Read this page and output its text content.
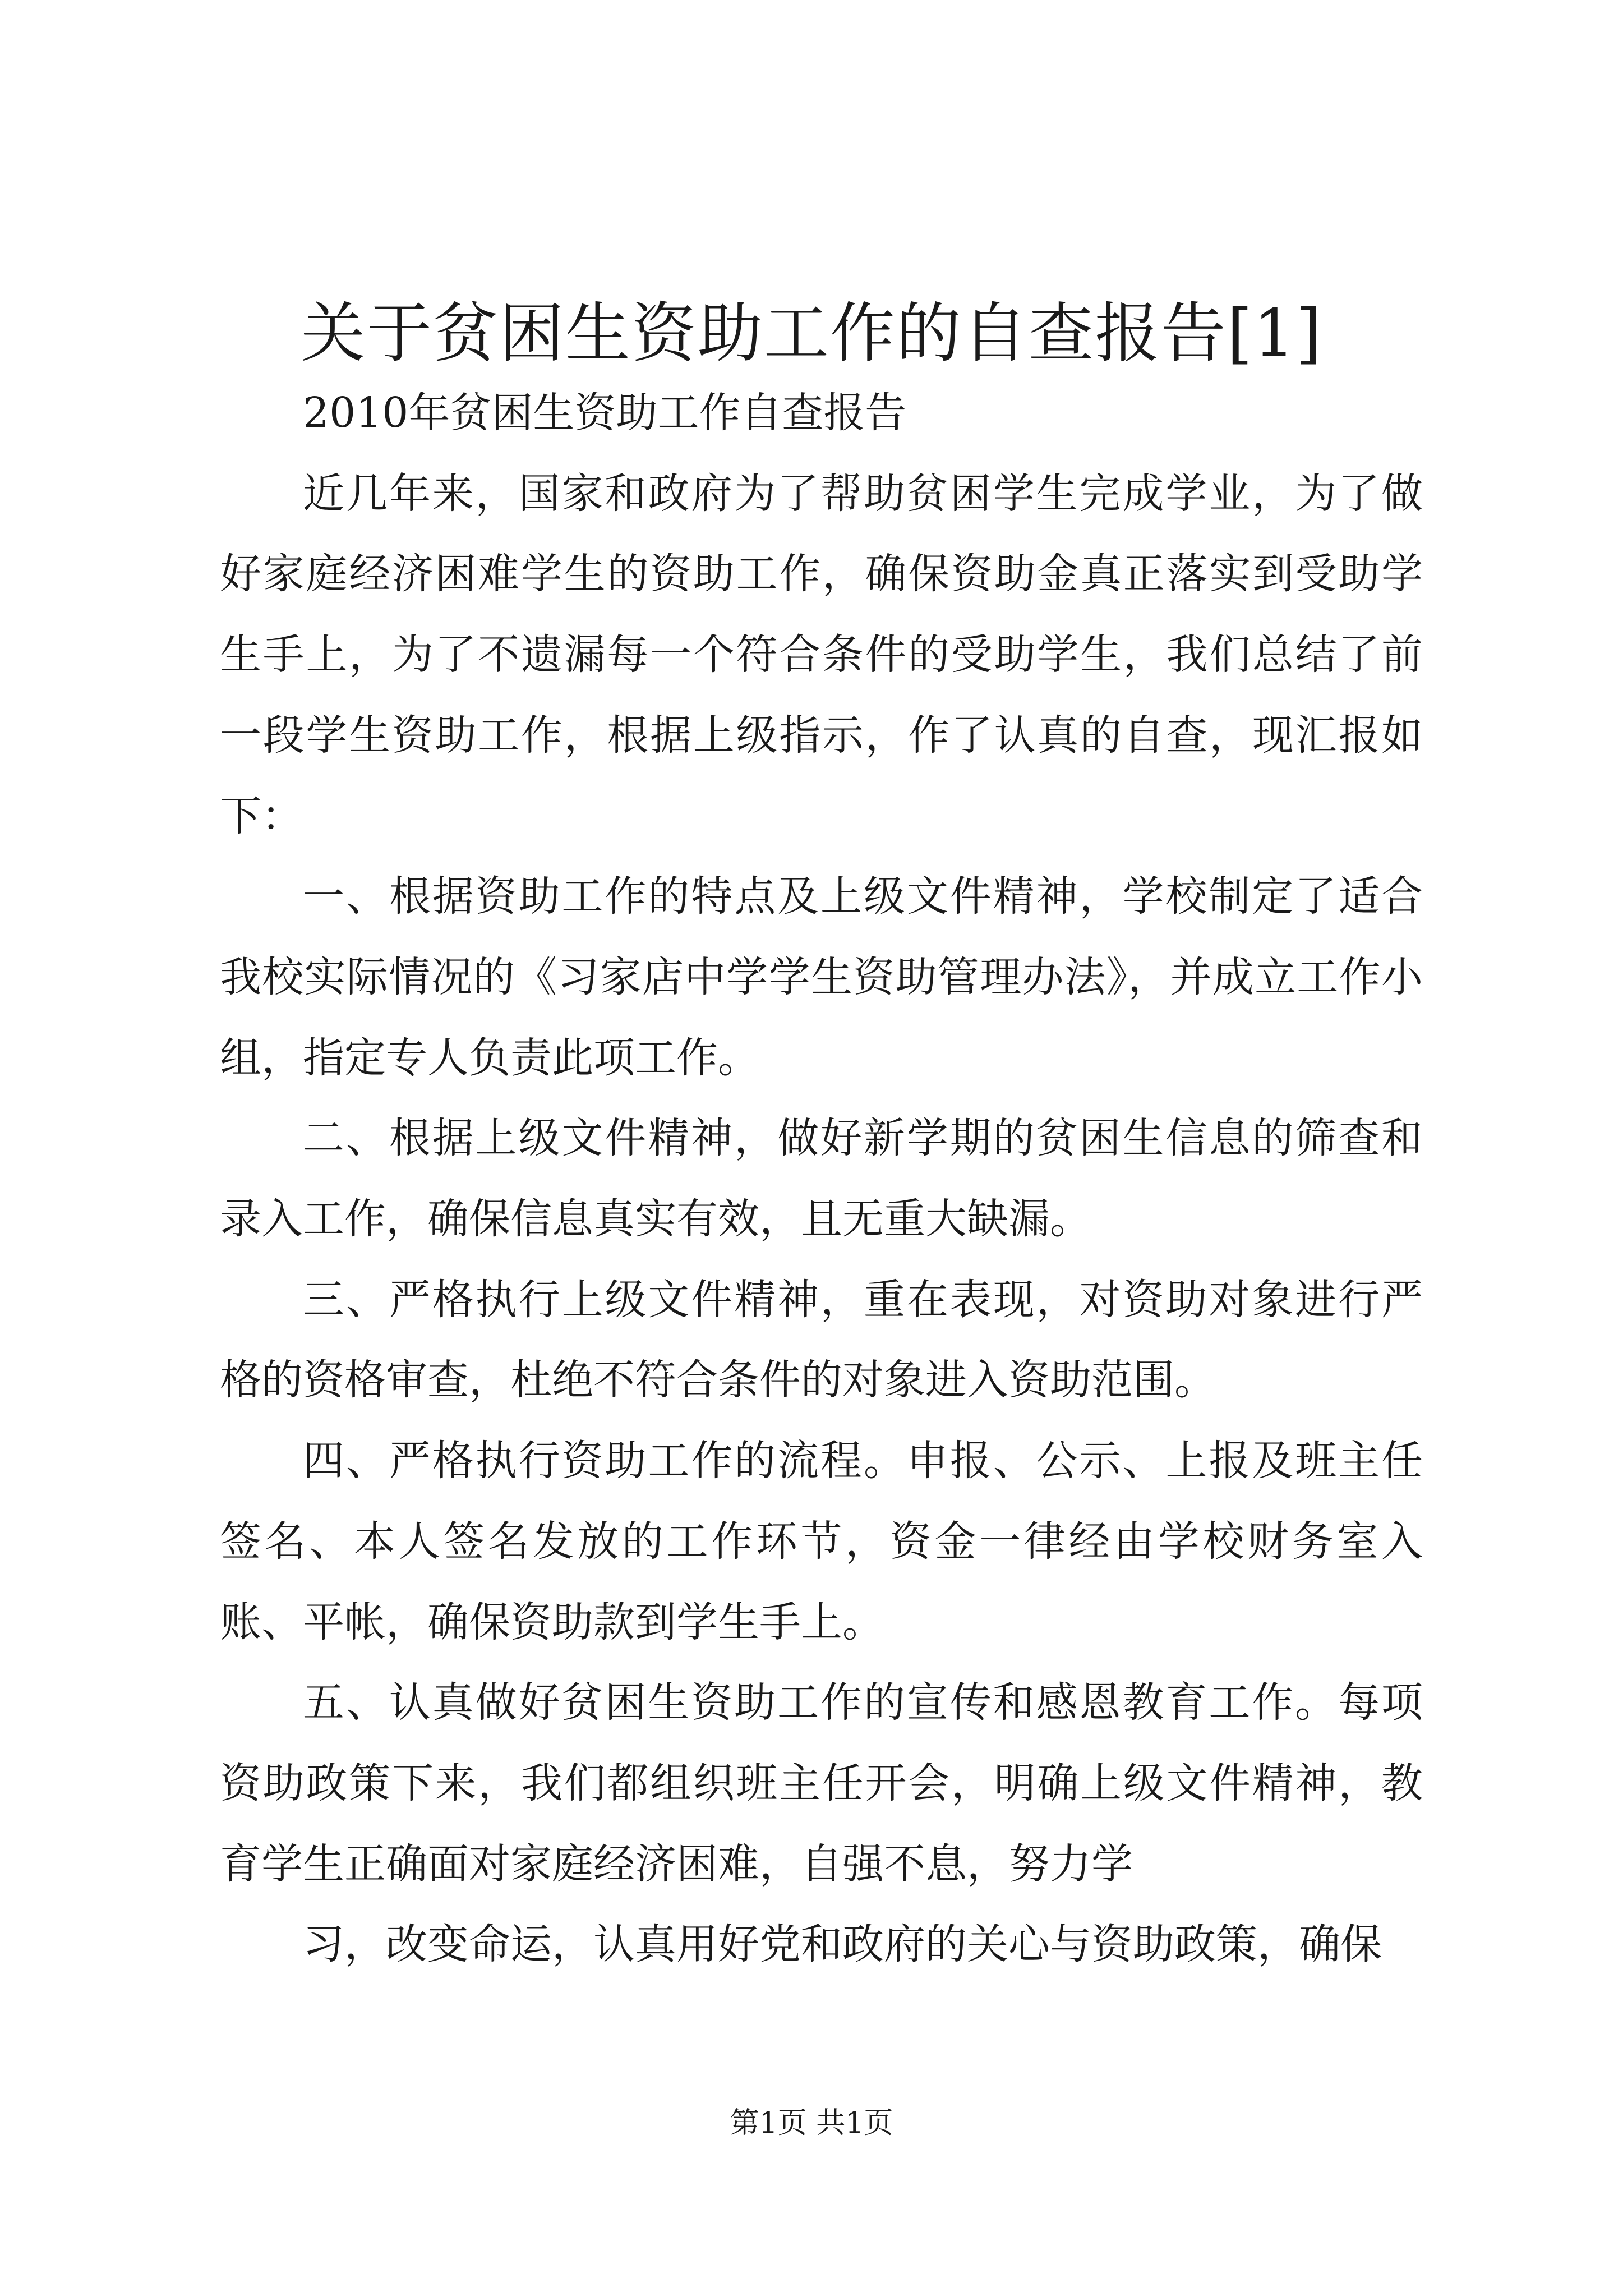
关于贫困生资助工作的自查报告[1]

2010年贫困生资助工作自查报告

近几年来，国家和政府为了帮助贫困学生完成学业，为了做好家庭经济困难学生的资助工作，确保资助金真正落实到受助学生手上，为了不遗漏每一个符合条件的受助学生，我们总结了前一段学生资助工作，根据上级指示，作了认真的自查，现汇报如下：

一、根据资助工作的特点及上级文件精神，学校制定了适合我校实际情况的《习家店中学学生资助管理办法》，并成立工作小组，指定专人负责此项工作。

二、根据上级文件精神，做好新学期的贫困生信息的筛查和录入工作，确保信息真实有效，且无重大缺漏。

三、严格执行上级文件精神，重在表现，对资助对象进行严格的资格审查，杜绝不符合条件的对象进入资助范围。

四、严格执行资助工作的流程。申报、公示、上报及班主任签名、本人签名发放的工作环节，资金一律经由学校财务室入账、平帐，确保资助款到学生手上。

五、认真做好贫困生资助工作的宣传和感恩教育工作。每项资助政策下来，我们都组织班主任开会，明确上级文件精神，教育学生正确面对家庭经济困难，自强不息，努力学

习，改变命运，认真用好党和政府的关心与资助政策，确保

第1页 共1页
